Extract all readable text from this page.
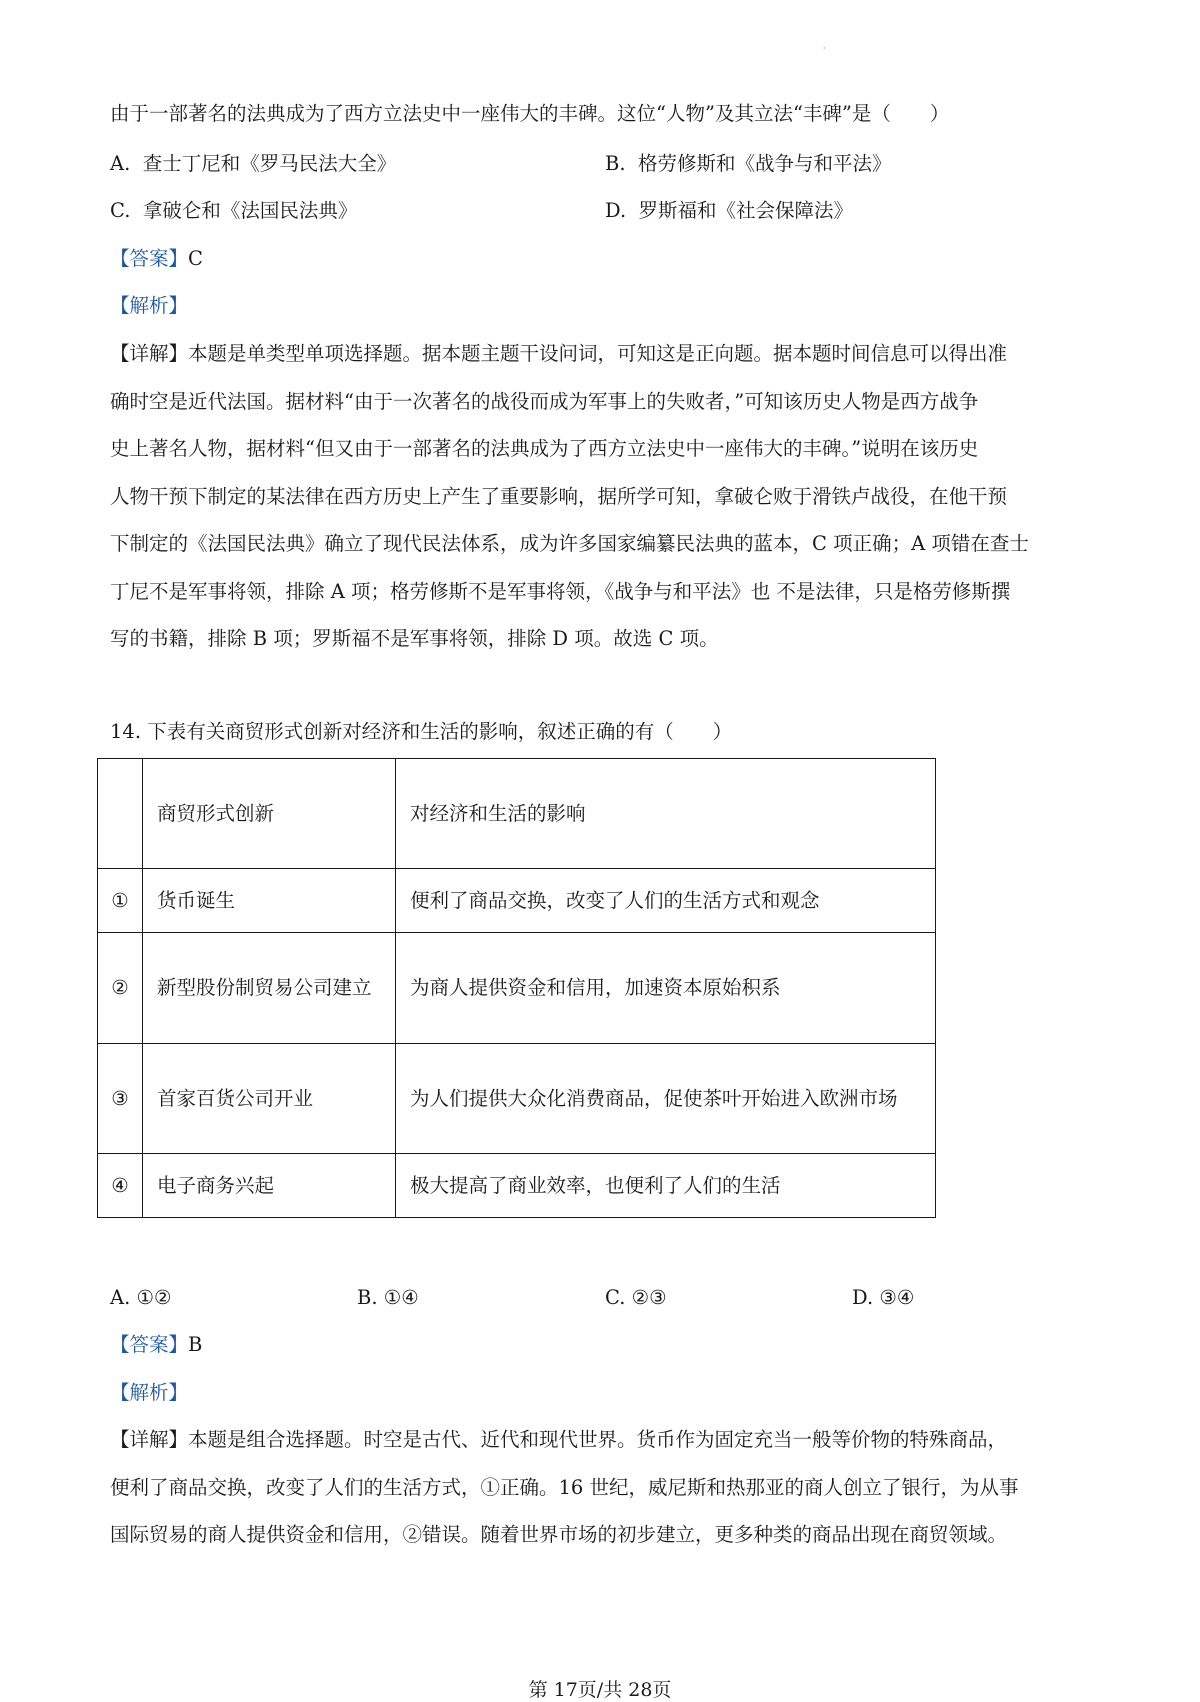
·
由于一部著名的法典成为了西方立法史中一座伟大的丰碑。这位“人物”及其立法“丰碑”是（　　）
A. 查士丁尼和《罗马民法大全》	B. 格劳修斯和《战争与和平法》
C. 拿破仑和《法国民法典》	D. 罗斯福和《社会保障法》
【答案】C
【解析】
【详解】本题是单类型单项选择题。据本题主题干设问词，可知这是正向题。据本题时间信息可以得出准
确时空是近代法国。据材料“由于一次著名的战役而成为军事上的失败者，”可知该历史人物是西方战争
史上著名人物，据材料“但又由于一部著名的法典成为了西方立法史中一座伟大的丰碑。”说明在该历史
人物干预下制定的某法律在西方历史上产生了重要影响，据所学可知，拿破仑败于滑铁卢战役，在他干预
下制定的《法国民法典》确立了现代民法体系，成为许多国家编纂民法典的蓝本，C 项正确；A 项错在查士
丁尼不是军事将领，排除 A 项；格劳修斯不是军事将领，《战争与和平法》也 不是法律，只是格劳修斯撰
写的书籍，排除 B 项；罗斯福不是军事将领，排除 D 项。故选 C 项。
14. 下表有关商贸形式创新对经济和生活的影响，叙述正确的有（　　）
	商贸形式创新	对经济和生活的影响
①	货币诞生	便利了商品交换，改变了人们的生活方式和观念
②	新型股份制贸易公司建立	为商人提供资金和信用，加速资本原始积系
③	首家百货公司开业	为人们提供大众化消费商品，促使茶叶开始进入欧洲市场
④	电子商务兴起	极大提高了商业效率，也便利了人们的生活
A. ①②	B. ①④	C. ②③	D. ③④
【答案】B
【解析】
【详解】本题是组合选择题。时空是古代、近代和现代世界。货币作为固定充当一般等价物的特殊商品，
便利了商品交换，改变了人们的生活方式，①正确。16 世纪，威尼斯和热那亚的商人创立了银行，为从事
国际贸易的商人提供资金和信用，②错误。随着世界市场的初步建立，更多种类的商品出现在商贸领域。
第 17页/共 28页
